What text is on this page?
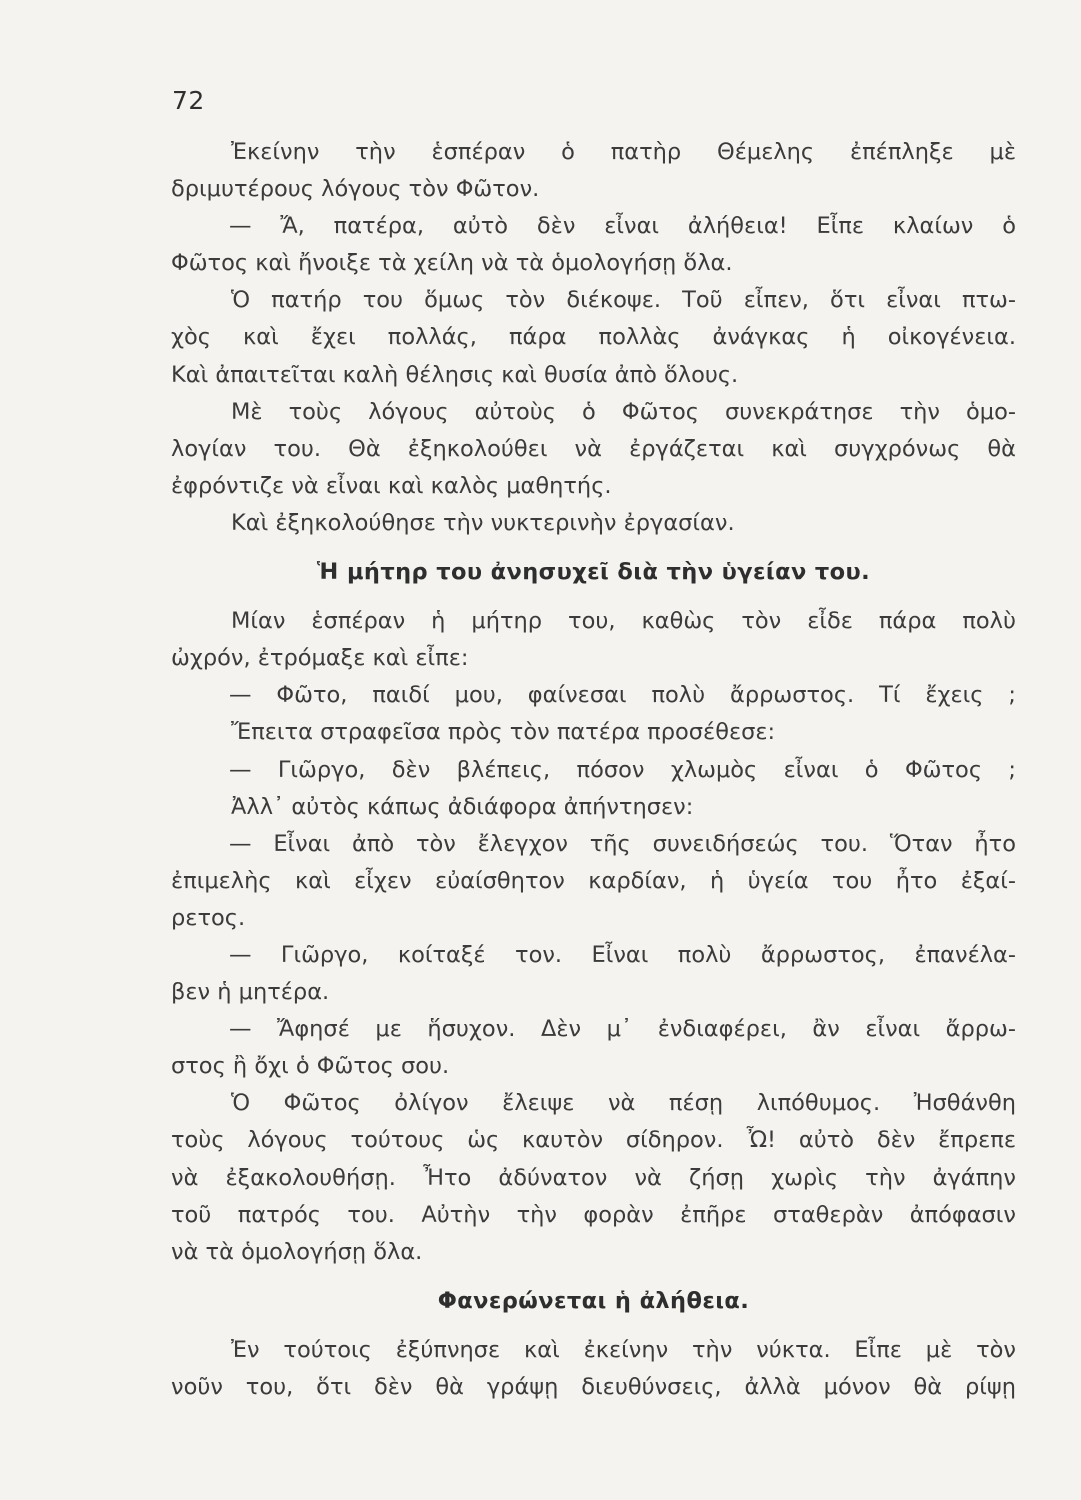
72
Ἐκείνην τὴν ἑσπέραν ὁ πατὴρ Θέμελης ἐπέπληξε μὲ
δριμυτέρους λόγους τὸν Φῶτον.
— Ἄ, πατέρα, αὐτὸ δὲν εἶναι ἀλήθεια! Εἶπε κλαίων ὁ
Φῶτος καὶ ἤνοιξε τὰ χείλη νὰ τὰ ὁμολογήσῃ ὅλα.
Ὁ πατήρ του ὅμως τὸν διέκοψε. Τοῦ εἶπεν, ὅτι εἶναι πτω-
χὸς καὶ ἔχει πολλάς, πάρα πολλὰς ἀνάγκας ἡ οἰκογένεια.
Καὶ ἀπαιτεῖται καλὴ θέλησις καὶ θυσία ἀπὸ ὅλους.
Μὲ τοὺς λόγους αὐτοὺς ὁ Φῶτος συνεκράτησε τὴν ὁμο-
λογίαν του. Θὰ ἐξηκολούθει νὰ ἐργάζεται καὶ συγχρόνως θὰ
ἐφρόντιζε νὰ εἶναι καὶ καλὸς μαθητής.
Καὶ ἐξηκολούθησε τὴν νυκτερινὴν ἐργασίαν.
Ἡ μήτηρ του ἀνησυχεῖ διὰ τὴν ὑγείαν του.
Μίαν ἑσπέραν ἡ μήτηρ του, καθὼς τὸν εἶδε πάρα πολὺ
ὠχρόν, ἐτρόμαξε καὶ εἶπε:
— Φῶτο, παιδί μου, φαίνεσαι πολὺ ἄρρωστος. Τί ἔχεις ;
Ἔπειτα στραφεῖσα πρὸς τὸν πατέρα προσέθεσε:
— Γιῶργο, δὲν βλέπεις, πόσον χλωμὸς εἶναι ὁ Φῶτος ;
Ἀλλ᾽ αὐτὸς κάπως ἀδιάφορα ἀπήντησεν:
— Εἶναι ἀπὸ τὸν ἔλεγχον τῆς συνειδήσεώς του. Ὅταν ἦτο
ἐπιμελὴς καὶ εἶχεν εὐαίσθητον καρδίαν, ἡ ὑγεία του ἦτο ἐξαί-
ρετος.
— Γιῶργο, κοίταξέ τον. Εἶναι πολὺ ἄρρωστος, ἐπανέλα-
βεν ἡ μητέρα.
— Ἄφησέ με ἥσυχον. Δὲν μ᾽ ἐνδιαφέρει, ἂν εἶναι ἄρρω-
στος ἢ ὄχι ὁ Φῶτος σου.
Ὁ Φῶτος ὀλίγον ἔλειψε νὰ πέσῃ λιπόθυμος. Ἠσθάνθη
τοὺς λόγους τούτους ὡς καυτὸν σίδηρον. Ὦ! αὐτὸ δὲν ἔπρεπε
νὰ ἐξακολουθήσῃ. Ἦτο ἀδύνατον νὰ ζήσῃ χωρὶς τὴν ἀγάπην
τοῦ πατρός του. Αὐτὴν τὴν φορὰν ἐπῆρε σταθερὰν ἀπόφασιν
νὰ τὰ ὁμολογήσῃ ὅλα.
Φανερώνεται ἡ ἀλήθεια.
Ἐν τούτοις ἐξύπνησε καὶ ἐκείνην τὴν νύκτα. Εἶπε μὲ τὸν
νοῦν του, ὅτι δὲν θὰ γράψῃ διευθύνσεις, ἀλλὰ μόνον θὰ ρίψῃ
